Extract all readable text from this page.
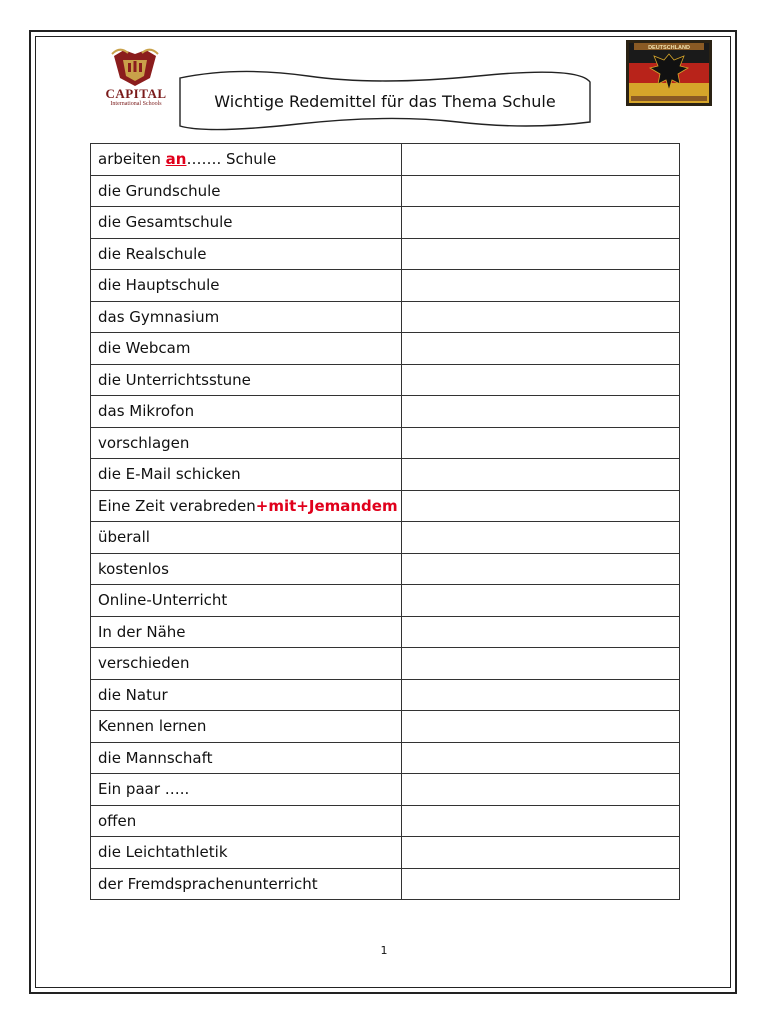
CAPITAL
International Schools	Wichtige Redemittel für das Thema Schule
DEUTSCHLAND
arbeiten an……. Schule	
die Grundschule	
die Gesamtschule	
die Realschule	
die Hauptschule	
das Gymnasium	
die Webcam	
die Unterrichtsstune	
das Mikrofon	
vorschlagen	
die E-Mail schicken	
Eine Zeit verabreden+mit+Jemandem	
überall	
kostenlos	
Online-Unterricht	
In der Nähe	
verschieden	
die Natur	
Kennen lernen	
die Mannschaft	
Ein paar …..	
offen	
die Leichtathletik	
der Fremdsprachenunterricht	
1
